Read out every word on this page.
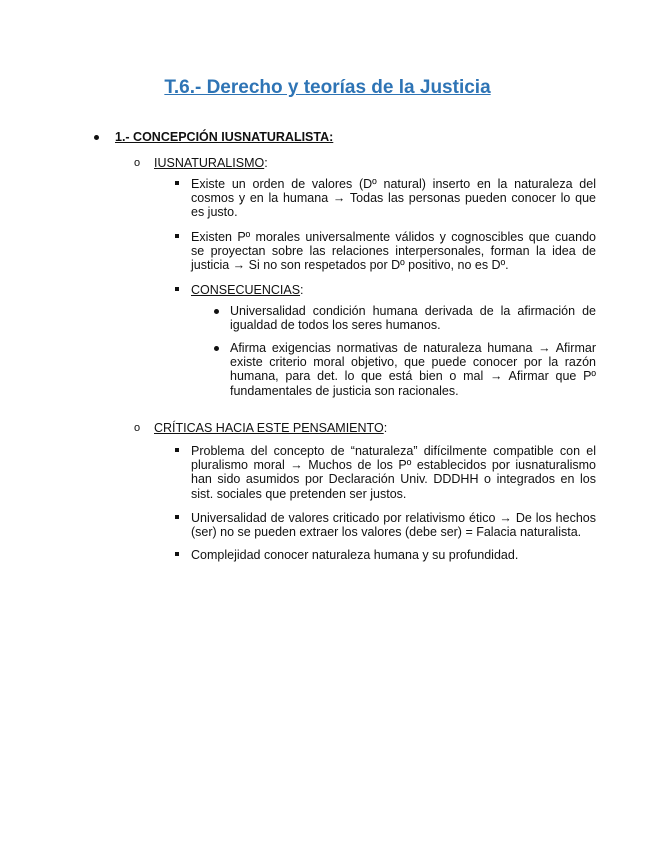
T.6.- Derecho y teorías de la Justicia
1.- CONCEPCIÓN IUSNATURALISTA:
o IUSNATURALISMO:
Existe un orden de valores (Dº natural) inserto en la naturaleza del cosmos y en la humana → Todas las personas pueden conocer lo que es justo.
Existen Pº morales universalmente válidos y cognoscibles que cuando se proyectan sobre las relaciones interpersonales, forman la idea de justicia → Si no son respetados por Dº positivo, no es Dº.
CONSECUENCIAS:
Universalidad condición humana derivada de la afirmación de igualdad de todos los seres humanos.
Afirma exigencias normativas de naturaleza humana → Afirmar existe criterio moral objetivo, que puede conocer por la razón humana, para det. lo que está bien o mal → Afirmar que Pº fundamentales de justicia son racionales.
o CRÍTICAS HACIA ESTE PENSAMIENTO:
Problema del concepto de “naturaleza” difícilmente compatible con el pluralismo moral → Muchos de los Pº establecidos por iusnaturalismo han sido asumidos por Declaración Univ. DDDHH o integrados en los sist. sociales que pretenden ser justos.
Universalidad de valores criticado por relativismo ético → De los hechos (ser) no se pueden extraer los valores (debe ser) = Falacia naturalista.
Complejidad conocer naturaleza humana y su profundidad.
